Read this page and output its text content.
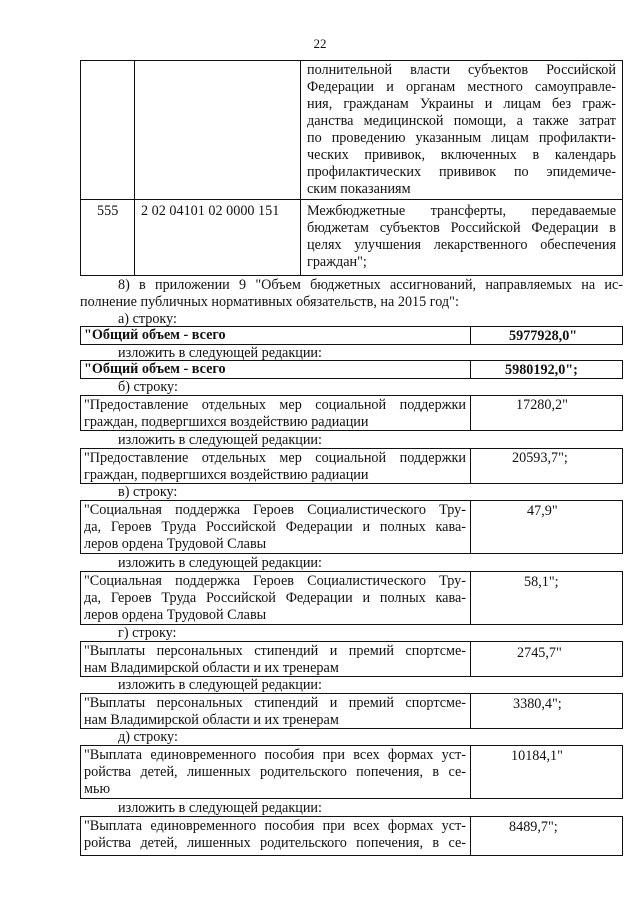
22
полнительной власти субъектов Российской
Федерации и органам местного самоуправле-
ния, гражданам Украины и лицам без граж-
данства медицинской помощи, а также затрат
по проведению указанным лицам профилакти-
ческих прививок, включенных в календарь
профилактических прививок по эпидемиче-
ским показаниям
555 2 02 04101 02 0000 151 Межбюджетные трансферты, передаваемые
бюджетам субъектов Российской Федерации в
целях улучшения лекарственного обеспечения
граждан";
8) в приложении 9 "Объем бюджетных ассигнований, направляемых на ис-
полнение публичных нормативных обязательств, на 2015 год":
а) строку:
"Общий объем - всего	5977928,0"
изложить в следующей редакции:
"Общий объем - всего	5980192,0";
б) строку:
"Предоставление отдельных мер социальной поддержки
граждан, подвергшихся воздействию радиации
17280,2"
изложить в следующей редакции:
"Предоставление отдельных мер социальной поддержки
граждан, подвергшихся воздействию радиации
20593,7";
в) строку:
"Социальная поддержка Героев Социалистического Тру-
да, Героев Труда Российской Федерации и полных кава-
леров ордена Трудовой Славы
47,9"
изложить в следующей редакции:
"Социальная поддержка Героев Социалистического Тру-
да, Героев Труда Российской Федерации и полных кава-
леров ордена Трудовой Славы
58,1";
г) строку:
"Выплаты персональных стипендий и премий спортсме-
нам Владимирской области и их тренерам
2745,7"
изложить в следующей редакции:
"Выплаты персональных стипендий и премий спортсме-
нам Владимирской области и их тренерам
3380,4";
д) строку:
"Выплата единовременного пособия при всех формах уст-
ройства детей, лишенных родительского попечения, в се-
мью
10184,1"
изложить в следующей редакции:
"Выплата единовременного пособия при всех формах уст-
ройства детей, лишенных родительского попечения, в се-
8489,7";
